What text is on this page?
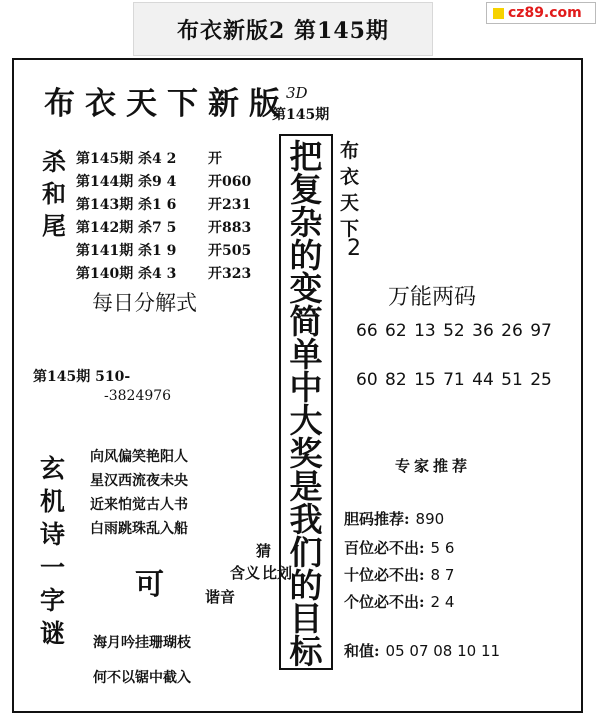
布衣新版2 第145期
cz89.com
布衣天下新版
3D
第145期
杀
和
尾
第145期 杀4 2 开
第144期 杀9 4 开060
第143期 杀1 6 开231
第142期 杀7 5 开883
第141期 杀1 9 开505
第140期 杀4 3 开323
每日分解式
第145期 510-
-3824976
玄
机
诗
一
字
谜
向风偏笑艳阳人
星汉西流夜未央
近来怕觉古人书
白雨跳珠乱入船
可
猜
含义
谐音
比划
海月吟挂珊瑚枝
何不以锯中截入
把
复
杂
的
变
简
单
中
大
奖
是
我
们
的
目
标
布
衣
天
下
2
万能两码
66 62 13 52 36 26 97
60 82 15 71 44 51 25
专家推荐
胆码推荐: 890
百位必不出: 5 6
十位必不出: 8 7
个位必不出: 2 4
和值: 05 07 08 10 11
